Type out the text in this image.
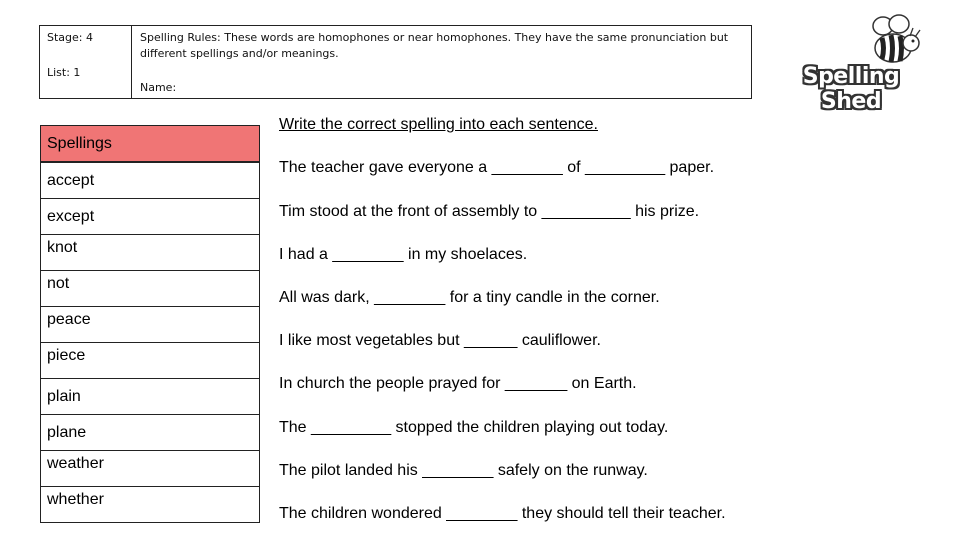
Stage: 4
List: 1
Spelling Rules: These words are homophones or near homophones. They have the same pronunciation but different spellings and/or meanings.
Name:	Spelling Shed
Spellings
accept
except
knot
not
peace
piece
plain
plane
weather
whether
Write the correct spelling into each sentence.
The teacher gave everyone a ________ of _________ paper.
Tim stood at the front of assembly to __________ his prize.
I had a ________ in my shoelaces.
All was dark, ________ for a tiny candle in the corner.
I like most vegetables but ______ cauliflower.
In church the people prayed for _______ on Earth.
The _________ stopped the children playing out today.
The pilot landed his ________ safely on the runway.
The children wondered ________ they should tell their teacher.
